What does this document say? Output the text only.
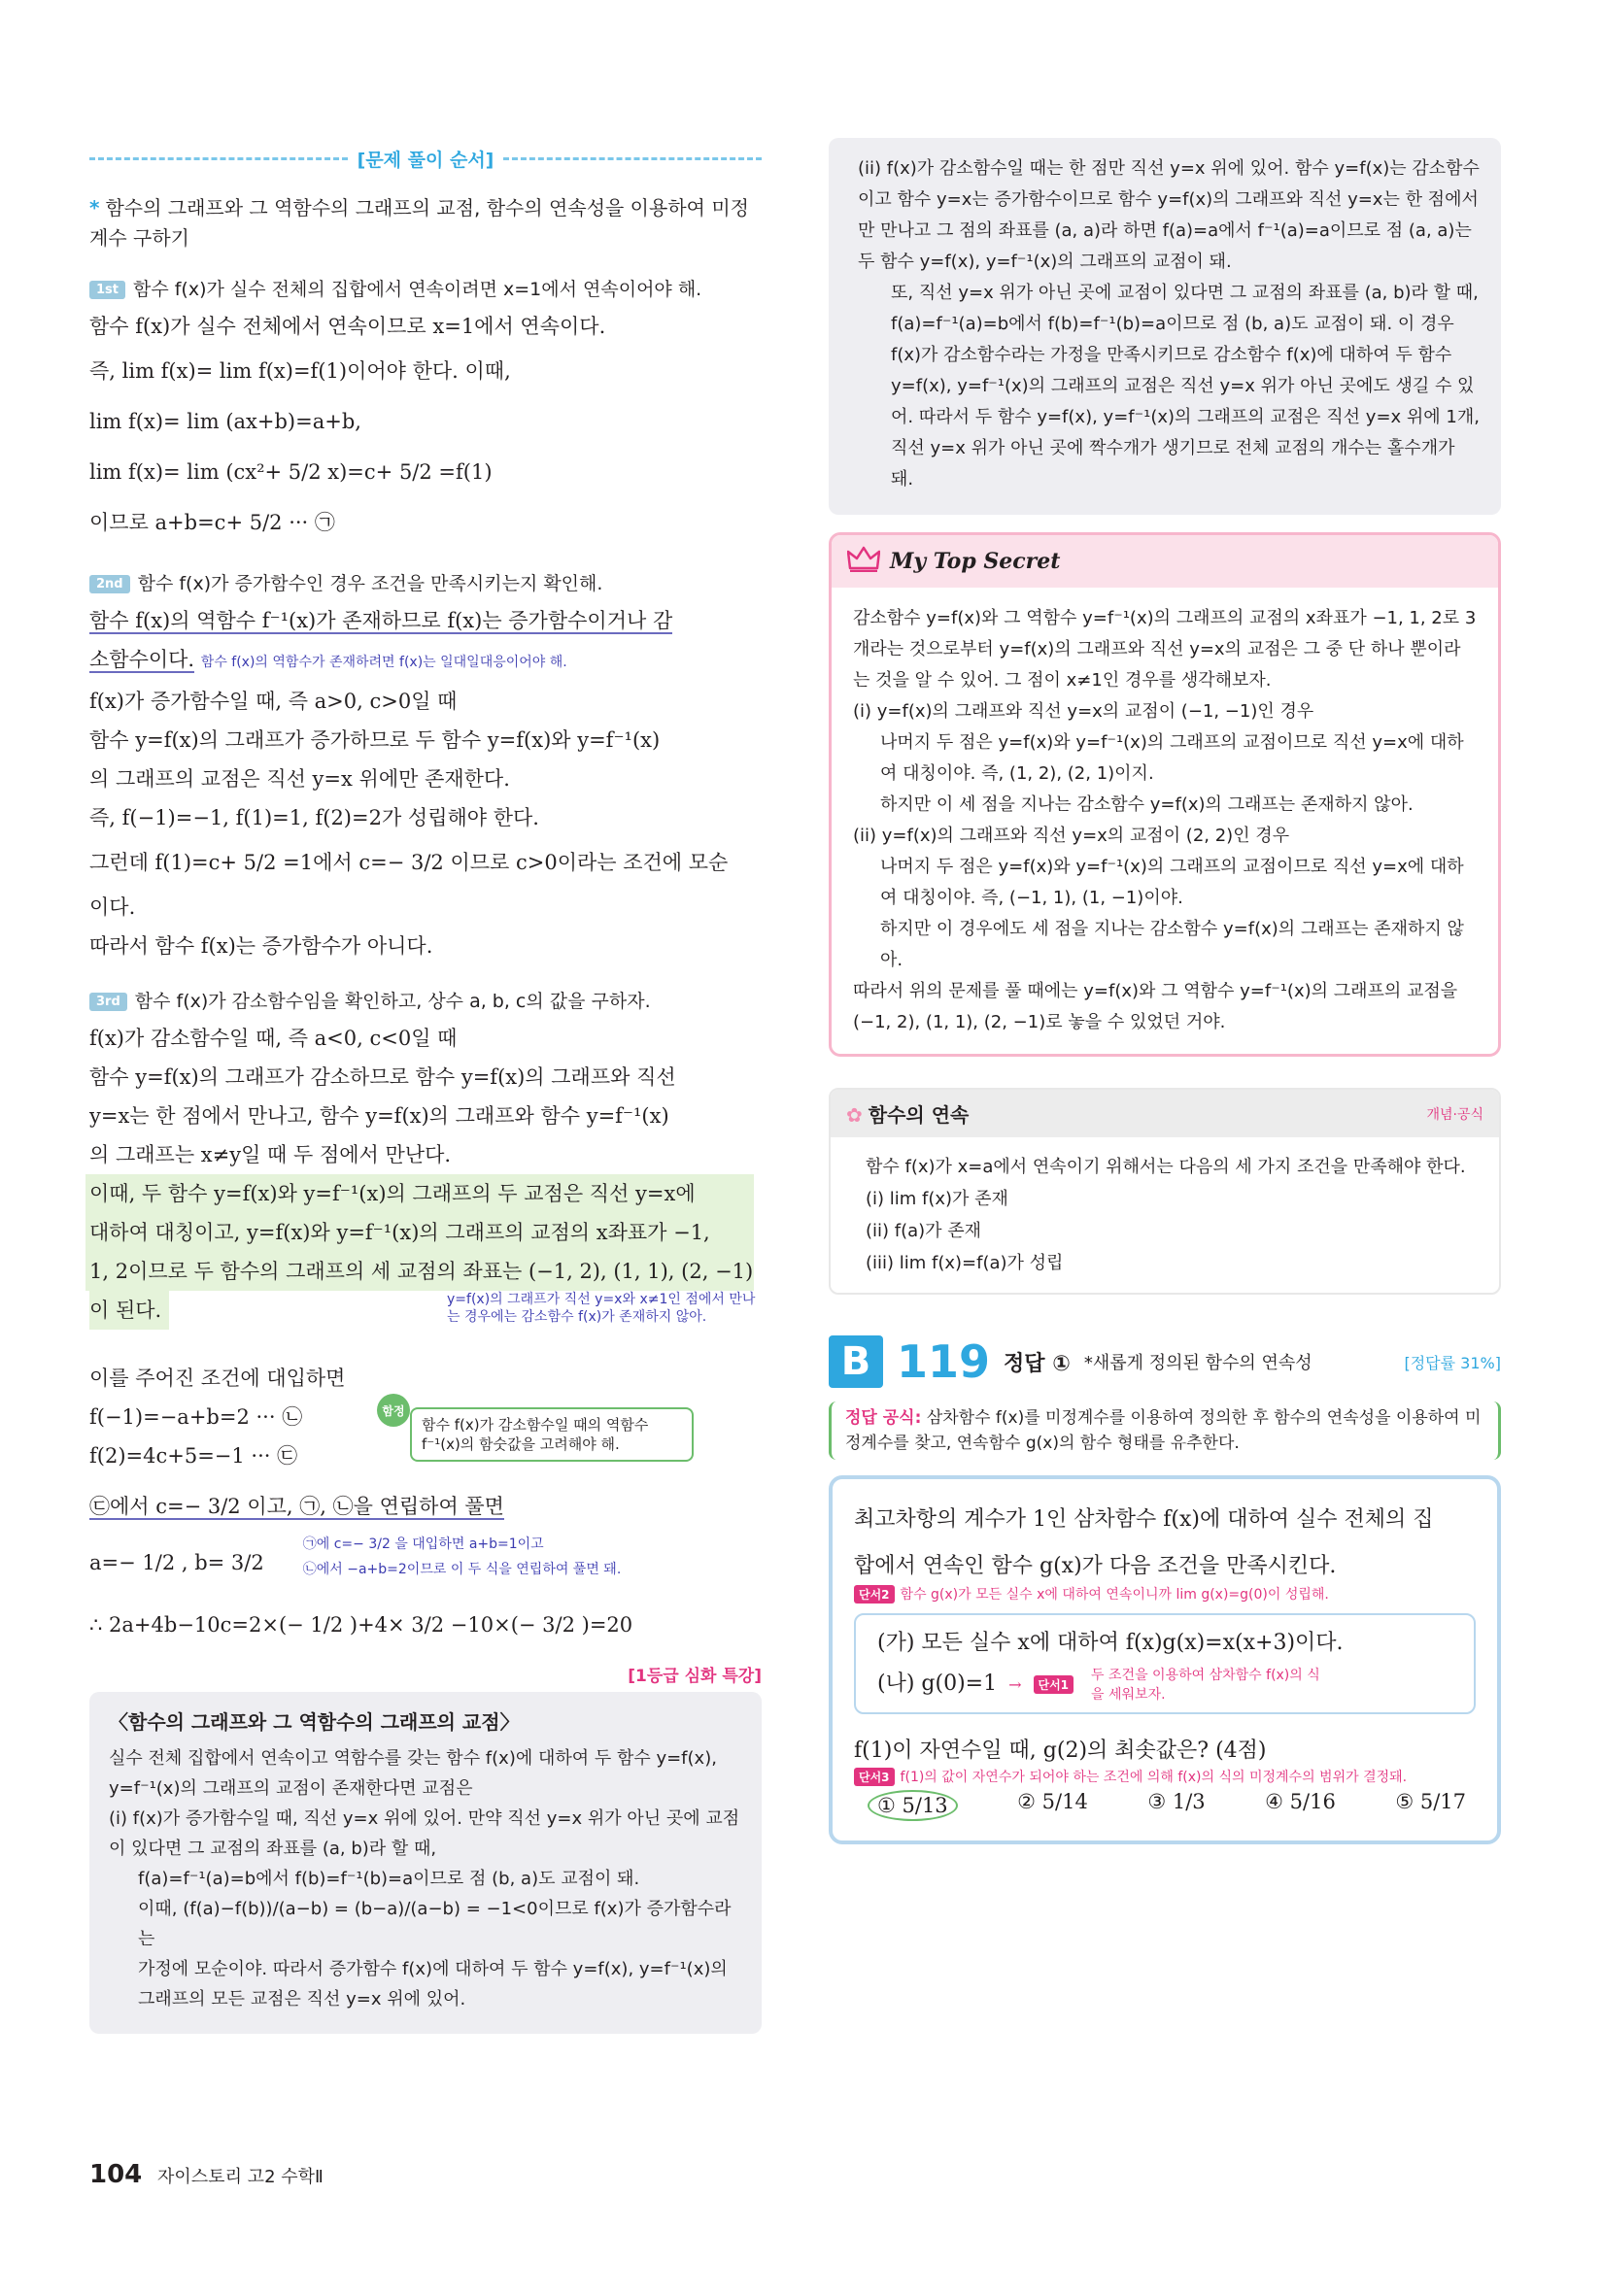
[문제 풀이 순서]
* 함수의 그래프와 그 역함수의 그래프의 교점, 함수의 연속성을 이용하여 미정계수 구하기
1st 함수 f(x)가 실수 전체의 집합에서 연속이려면 x=1에서 연속이어야 해.
함수 f(x)가 실수 전체에서 연속이므로 x=1에서 연속이다.
즉, lim f(x)= lim f(x)=f(1)이어야 한다. 이때,
lim f(x)= lim (ax+b)=a+b,
lim f(x)= lim (cx²+ 5/2 x)=c+ 5/2 =f(1)
이므로 a+b=c+ 5/2 ··· ㉠
2nd 함수 f(x)가 증가함수인 경우 조건을 만족시키는지 확인해.
함수 f(x)의 역함수 f⁻¹(x)가 존재하므로 f(x)는 증가함수이거나 감
소함수이다. 함수 f(x)의 역함수가 존재하려면 f(x)는 일대일대응이어야 해.
f(x)가 증가함수일 때, 즉 a>0, c>0일 때
함수 y=f(x)의 그래프가 증가하므로 두 함수 y=f(x)와 y=f⁻¹(x)
의 그래프의 교점은 직선 y=x 위에만 존재한다.
즉, f(−1)=−1, f(1)=1, f(2)=2가 성립해야 한다.
그런데 f(1)=c+ 5/2 =1에서 c=− 3/2 이므로 c>0이라는 조건에 모순
이다.
따라서 함수 f(x)는 증가함수가 아니다.
3rd 함수 f(x)가 감소함수임을 확인하고, 상수 a, b, c의 값을 구하자.
f(x)가 감소함수일 때, 즉 a<0, c<0일 때
함수 y=f(x)의 그래프가 감소하므로 함수 y=f(x)의 그래프와 직선
y=x는 한 점에서 만나고, 함수 y=f(x)의 그래프와 함수 y=f⁻¹(x)
의 그래프는 x≠y일 때 두 점에서 만난다.
이때, 두 함수 y=f(x)와 y=f⁻¹(x)의 그래프의 두 교점은 직선 y=x에
대하여 대칭이고, y=f(x)와 y=f⁻¹(x)의 그래프의 교점의 x좌표가 −1,
1, 2이므로 두 함수의 그래프의 세 교점의 좌표는 (−1, 2), (1, 1), (2, −1)
이 된다.	y=f(x)의 그래프가 직선 y=x와 x≠1인 점에서 만나는 경우에는 감소함수 f(x)가 존재하지 않아.
이를 주어진 조건에 대입하면
f(−1)=−a+b=2 ··· ㉡
f(2)=4c+5=−1 ··· ㉢
함정
함수 f(x)가 감소함수일 때의 역함수 f⁻¹(x)의 함숫값을 고려해야 해.
㉢에서 c=− 3/2 이고, ㉠, ㉡을 연립하여 풀면
a=− 1/2 , b= 3/2
㉠에 c=− 3/2 을 대입하면 a+b=1이고
㉡에서 −a+b=2이므로 이 두 식을 연립하여 풀면 돼.
∴ 2a+4b−10c=2×(− 1/2 )+4× 3/2 −10×(− 3/2 )=20
[1등급 심화 특강]
〈함수의 그래프와 그 역함수의 그래프의 교점〉
실수 전체 집합에서 연속이고 역함수를 갖는 함수 f(x)에 대하여 두 함수 y=f(x), y=f⁻¹(x)의 그래프의 교점이 존재한다면 교점은
(i) f(x)가 증가함수일 때, 직선 y=x 위에 있어. 만약 직선 y=x 위가 아닌 곳에 교점이 있다면 그 교점의 좌표를 (a, b)라 할 때,
f(a)=f⁻¹(a)=b에서 f(b)=f⁻¹(b)=a이므로 점 (b, a)도 교점이 돼.
이때, (f(a)−f(b))/(a−b) = (b−a)/(a−b) = −1<0이므로 f(x)가 증가함수라는
가정에 모순이야. 따라서 증가함수 f(x)에 대하여 두 함수 y=f(x), y=f⁻¹(x)의 그래프의 모든 교점은 직선 y=x 위에 있어.
(ii) f(x)가 감소함수일 때는 한 점만 직선 y=x 위에 있어. 함수 y=f(x)는 감소함수이고 함수 y=x는 증가함수이므로 함수 y=f(x)의 그래프와 직선 y=x는 한 점에서만 만나고 그 점의 좌표를 (a, a)라 하면 f(a)=a에서 f⁻¹(a)=a이므로 점 (a, a)는 두 함수 y=f(x), y=f⁻¹(x)의 그래프의 교점이 돼.
또, 직선 y=x 위가 아닌 곳에 교점이 있다면 그 교점의 좌표를 (a, b)라 할 때, f(a)=f⁻¹(a)=b에서 f(b)=f⁻¹(b)=a이므로 점 (b, a)도 교점이 돼. 이 경우 f(x)가 감소함수라는 가정을 만족시키므로 감소함수 f(x)에 대하여 두 함수 y=f(x), y=f⁻¹(x)의 그래프의 교점은 직선 y=x 위가 아닌 곳에도 생길 수 있어. 따라서 두 함수 y=f(x), y=f⁻¹(x)의 그래프의 교점은 직선 y=x 위에 1개, 직선 y=x 위가 아닌 곳에 짝수개가 생기므로 전체 교점의 개수는 홀수개가 돼.
My Top Secret
감소함수 y=f(x)와 그 역함수 y=f⁻¹(x)의 그래프의 교점의 x좌표가 −1, 1, 2로 3개라는 것으로부터 y=f(x)의 그래프와 직선 y=x의 교점은 그 중 단 하나 뿐이라는 것을 알 수 있어. 그 점이 x≠1인 경우를 생각해보자.
(i) y=f(x)의 그래프와 직선 y=x의 교점이 (−1, −1)인 경우
나머지 두 점은 y=f(x)와 y=f⁻¹(x)의 그래프의 교점이므로 직선 y=x에 대하여 대칭이야. 즉, (1, 2), (2, 1)이지.
하지만 이 세 점을 지나는 감소함수 y=f(x)의 그래프는 존재하지 않아.
(ii) y=f(x)의 그래프와 직선 y=x의 교점이 (2, 2)인 경우
나머지 두 점은 y=f(x)와 y=f⁻¹(x)의 그래프의 교점이므로 직선 y=x에 대하여 대칭이야. 즉, (−1, 1), (1, −1)이야.
하지만 이 경우에도 세 점을 지나는 감소함수 y=f(x)의 그래프는 존재하지 않아.
따라서 위의 문제를 풀 때에는 y=f(x)와 그 역함수 y=f⁻¹(x)의 그래프의 교점을 (−1, 2), (1, 1), (2, −1)로 놓을 수 있었던 거야.
✿ 함수의 연속	개념·공식
함수 f(x)가 x=a에서 연속이기 위해서는 다음의 세 가지 조건을 만족해야 한다.
(i) lim f(x)가 존재
(ii) f(a)가 존재
(iii) lim f(x)=f(a)가 성립
B 119 정답 ① *새롭게 정의된 함수의 연속성	[정답률 31%]
정답 공식: 삼차함수 f(x)를 미정계수를 이용하여 정의한 후 함수의 연속성을 이용하여 미정계수를 찾고, 연속함수 g(x)의 함수 형태를 유추한다.
최고차항의 계수가 1인 삼차함수 f(x)에 대하여 실수 전체의 집
합에서 연속인 함수 g(x)가 다음 조건을 만족시킨다.
단서2 함수 g(x)가 모든 실수 x에 대하여 연속이니까 lim g(x)=g(0)이 성립해.
(가) 모든 실수 x에 대하여 f(x)g(x)=x(x+3)이다.
(나) g(0)=1 →	단서1
두 조건을 이용하여 삼차함수 f(x)의 식을 세워보자.
f(1)이 자연수일 때, g(2)의 최솟값은? (4점)
단서3 f(1)의 값이 자연수가 되어야 하는 조건에 의해 f(x)의 식의 미정계수의 범위가 결정돼.
① 5/13	② 5/14	③ 1/3	④ 5/16	⑤ 5/17
104 자이스토리 고2 수학Ⅱ
